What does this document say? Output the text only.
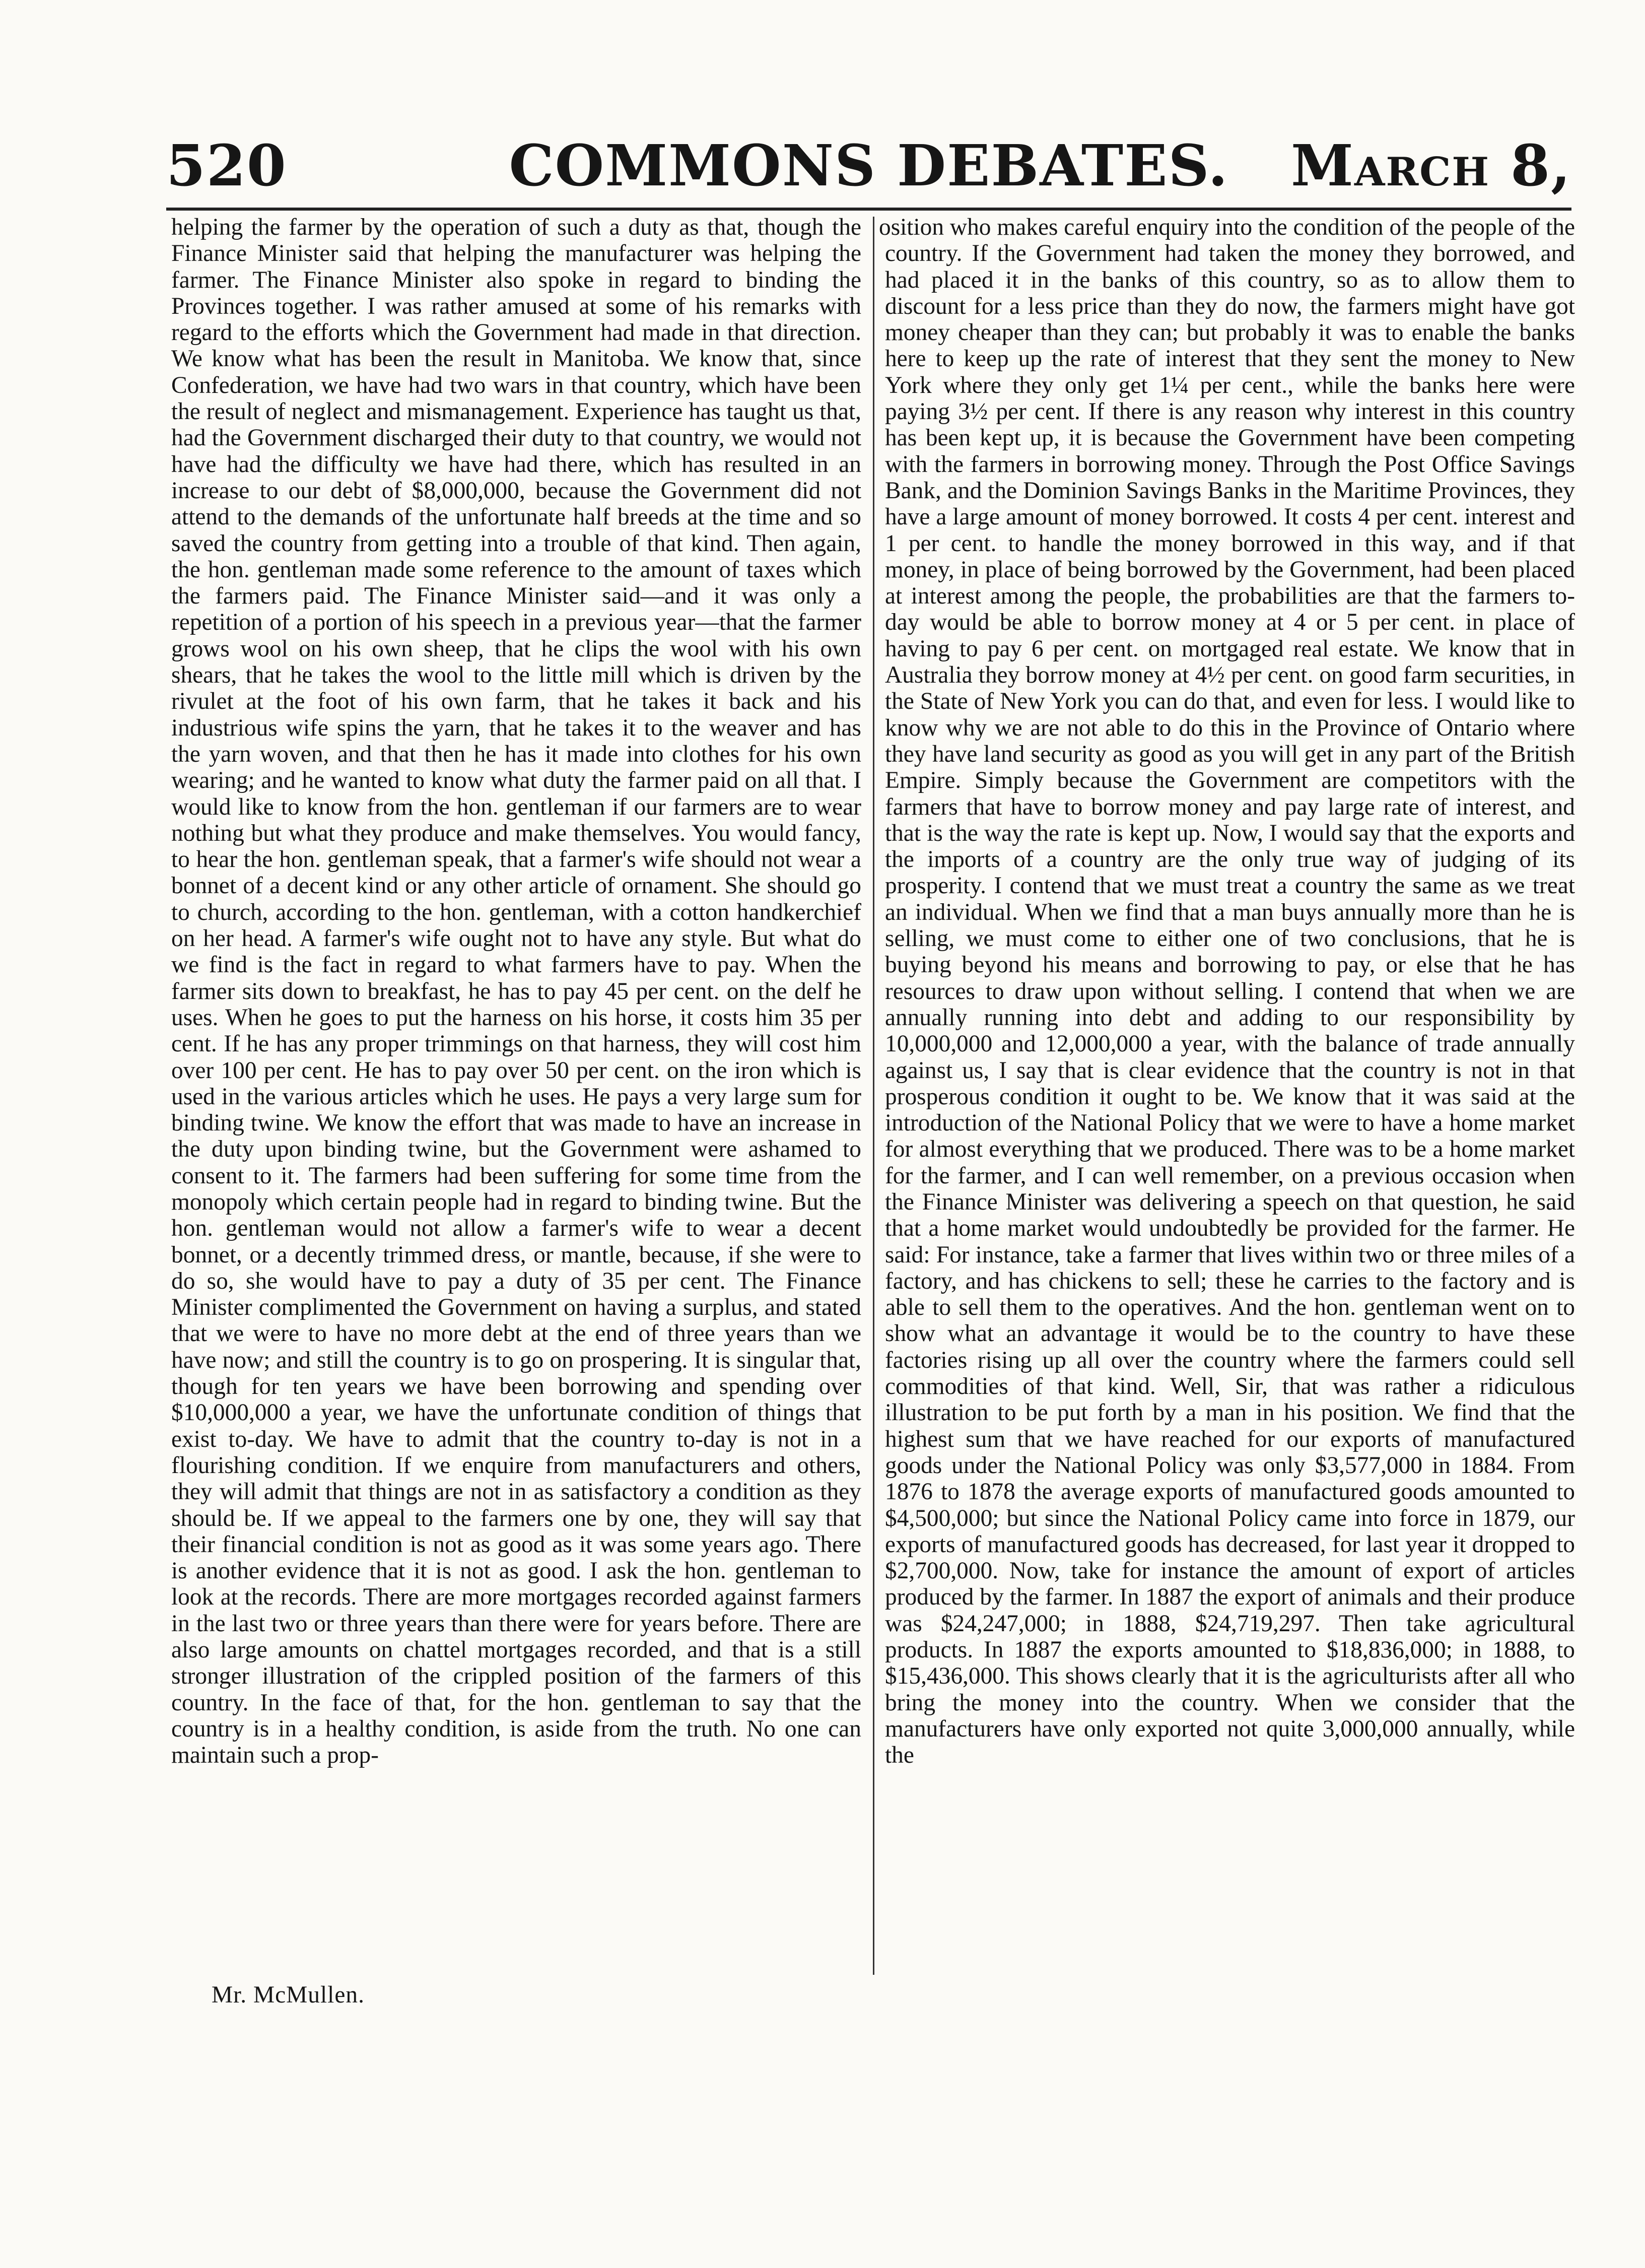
520	COMMONS DEBATES.	March 8,
helping the farmer by the operation of such a duty as that, though the Finance Minister said that helping the manufacturer was helping the farmer. The Finance Minister also spoke in regard to binding the Provinces together. I was rather amused at some of his remarks with regard to the efforts which the Government had made in that direction. We know what has been the result in Manitoba. We know that, since Confederation, we have had two wars in that country, which have been the result of neglect and mismanagement. Experience has taught us that, had the Government discharged their duty to that country, we would not have had the difficulty we have had there, which has resulted in an increase to our debt of $8,000,000, because the Government did not attend to the demands of the unfortunate half breeds at the time and so saved the country from getting into a trouble of that kind. Then again, the hon. gentleman made some reference to the amount of taxes which the farmers paid. The Finance Minister said—and it was only a repetition of a portion of his speech in a previous year—that the farmer grows wool on his own sheep, that he clips the wool with his own shears, that he takes the wool to the little mill which is driven by the rivulet at the foot of his own farm, that he takes it back and his industrious wife spins the yarn, that he takes it to the weaver and has the yarn woven, and that then he has it made into clothes for his own wearing; and he wanted to know what duty the farmer paid on all that. I would like to know from the hon. gentleman if our farmers are to wear nothing but what they produce and make themselves. You would fancy, to hear the hon. gentleman speak, that a farmer's wife should not wear a bonnet of a decent kind or any other article of ornament. She should go to church, according to the hon. gentleman, with a cotton handkerchief on her head. A farmer's wife ought not to have any style. But what do we find is the fact in regard to what farmers have to pay. When the farmer sits down to breakfast, he has to pay 45 per cent. on the delf he uses. When he goes to put the harness on his horse, it costs him 35 per cent. If he has any proper trimmings on that harness, they will cost him over 100 per cent. He has to pay over 50 per cent. on the iron which is used in the various articles which he uses. He pays a very large sum for binding twine. We know the effort that was made to have an increase in the duty upon binding twine, but the Government were ashamed to consent to it. The farmers had been suffering for some time from the monopoly which certain people had in regard to binding twine. But the hon. gentleman would not allow a farmer's wife to wear a decent bonnet, or a decently trimmed dress, or mantle, because, if she were to do so, she would have to pay a duty of 35 per cent. The Finance Minister complimented the Government on having a surplus, and stated that we were to have no more debt at the end of three years than we have now; and still the country is to go on prospering. It is singular that, though for ten years we have been borrowing and spending over $10,000,000 a year, we have the unfortunate condition of things that exist to-day. We have to admit that the country to-day is not in a flourishing condition. If we enquire from manufacturers and others, they will admit that things are not in as satisfactory a condition as they should be. If we appeal to the farmers one by one, they will say that their financial condition is not as good as it was some years ago. There is another evidence that it is not as good. I ask the hon. gentleman to look at the records. There are more mortgages recorded against farmers in the last two or three years than there were for years before. There are also large amounts on chattel mortgages recorded, and that is a still stronger illustration of the crippled position of the farmers of this country. In the face of that, for the hon. gentleman to say that the country is in a healthy condition, is aside from the truth. No one can maintain such a prop-
osition who makes careful enquiry into the condition of the people of the country. If the Government had taken the money they borrowed, and had placed it in the banks of this country, so as to allow them to discount for a less price than they do now, the farmers might have got money cheaper than they can; but probably it was to enable the banks here to keep up the rate of interest that they sent the money to New York where they only get 1¼ per cent., while the banks here were paying 3½ per cent. If there is any reason why interest in this country has been kept up, it is because the Government have been competing with the farmers in borrowing money. Through the Post Office Savings Bank, and the Dominion Savings Banks in the Maritime Provinces, they have a large amount of money borrowed. It costs 4 per cent. interest and 1 per cent. to handle the money borrowed in this way, and if that money, in place of being borrowed by the Government, had been placed at interest among the people, the probabilities are that the farmers to-day would be able to borrow money at 4 or 5 per cent. in place of having to pay 6 per cent. on mortgaged real estate. We know that in Australia they borrow money at 4½ per cent. on good farm securities, in the State of New York you can do that, and even for less. I would like to know why we are not able to do this in the Province of Ontario where they have land security as good as you will get in any part of the British Empire. Simply because the Government are competitors with the farmers that have to borrow money and pay large rate of interest, and that is the way the rate is kept up. Now, I would say that the exports and the imports of a country are the only true way of judging of its prosperity. I contend that we must treat a country the same as we treat an individual. When we find that a man buys annually more than he is selling, we must come to either one of two conclusions, that he is buying beyond his means and borrowing to pay, or else that he has resources to draw upon without selling. I contend that when we are annually running into debt and adding to our responsibility by 10,000,000 and 12,000,000 a year, with the balance of trade annually against us, I say that is clear evidence that the country is not in that prosperous condition it ought to be. We know that it was said at the introduction of the National Policy that we were to have a home market for almost everything that we produced. There was to be a home market for the farmer, and I can well remember, on a previous occasion when the Finance Minister was delivering a speech on that question, he said that a home market would undoubtedly be provided for the farmer. He said: For instance, take a farmer that lives within two or three miles of a factory, and has chickens to sell; these he carries to the factory and is able to sell them to the operatives. And the hon. gentleman went on to show what an advantage it would be to the country to have these factories rising up all over the country where the farmers could sell commodities of that kind. Well, Sir, that was rather a ridiculous illustration to be put forth by a man in his position. We find that the highest sum that we have reached for our exports of manufactured goods under the National Policy was only $3,577,000 in 1884. From 1876 to 1878 the average exports of manufactured goods amounted to $4,500,000; but since the National Policy came into force in 1879, our exports of manufactured goods has decreased, for last year it dropped to $2,700,000. Now, take for instance the amount of export of articles produced by the farmer. In 1887 the export of animals and their produce was $24,247,000; in 1888, $24,719,297. Then take agricultural products. In 1887 the exports amounted to $18,836,000; in 1888, to $15,436,000. This shows clearly that it is the agriculturists after all who bring the money into the country. When we consider that the manufacturers have only exported not quite 3,000,000 annually, while the
Mr. McMullen.
